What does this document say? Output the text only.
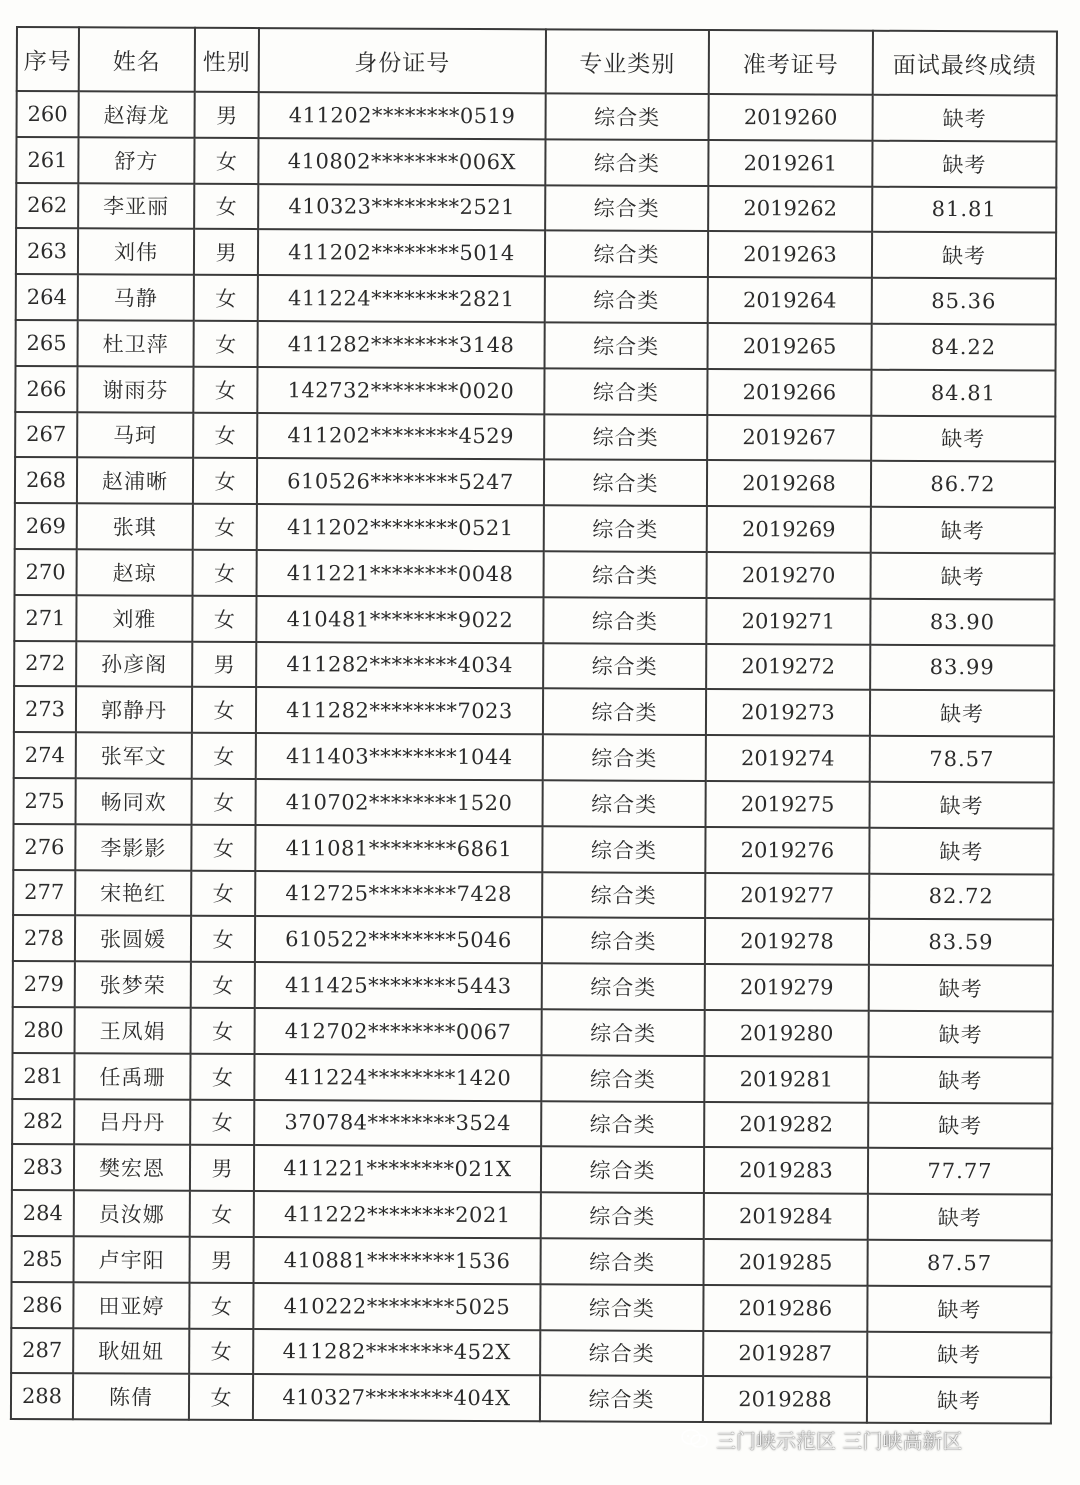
序号	姓名	性别	身份证号	专业类别	准考证号	面试最终成绩
260	赵海龙	男	411202********0519	综合类	2019260	缺考
261	舒方	女	410802********006X	综合类	2019261	缺考
262	李亚丽	女	410323********2521	综合类	2019262	81.81
263	刘伟	男	411202********5014	综合类	2019263	缺考
264	马静	女	411224********2821	综合类	2019264	85.36
265	杜卫萍	女	411282********3148	综合类	2019265	84.22
266	谢雨芬	女	142732********0020	综合类	2019266	84.81
267	马珂	女	411202********4529	综合类	2019267	缺考
268	赵浦晰	女	610526********5247	综合类	2019268	86.72
269	张琪	女	411202********0521	综合类	2019269	缺考
270	赵琼	女	411221********0048	综合类	2019270	缺考
271	刘雅	女	410481********9022	综合类	2019271	83.90
272	孙彦阁	男	411282********4034	综合类	2019272	83.99
273	郭静丹	女	411282********7023	综合类	2019273	缺考
274	张军文	女	411403********1044	综合类	2019274	78.57
275	畅同欢	女	410702********1520	综合类	2019275	缺考
276	李影影	女	411081********6861	综合类	2019276	缺考
277	宋艳红	女	412725********7428	综合类	2019277	82.72
278	张圆媛	女	610522********5046	综合类	2019278	83.59
279	张梦荣	女	411425********5443	综合类	2019279	缺考
280	王凤娟	女	412702********0067	综合类	2019280	缺考
281	任禹珊	女	411224********1420	综合类	2019281	缺考
282	吕丹丹	女	370784********3524	综合类	2019282	缺考
283	樊宏恩	男	411221********021X	综合类	2019283	77.77
284	员汝娜	女	411222********2021	综合类	2019284	缺考
285	卢宇阳	男	410881********1536	综合类	2019285	87.57
286	田亚婷	女	410222********5025	综合类	2019286	缺考
287	耿妞妞	女	411282********452X	综合类	2019287	缺考
288	陈倩	女	410327********404X	综合类	2019288	缺考
三门峡示范区 三门峡高新区
